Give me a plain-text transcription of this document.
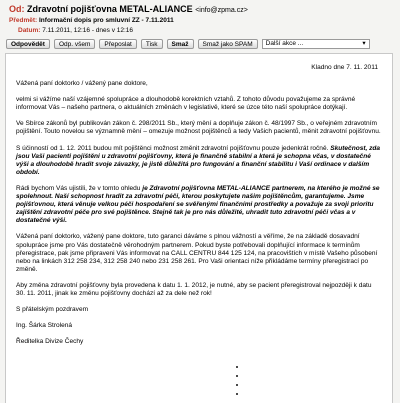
Od: Zdravotní pojišťovna METAL-ALIANCE <info@zpma.cz>
Předmět: Informační dopis pro smluvní ZZ - 7.11.2011
Datum: 7.11.2011, 12:16 - dnes v 12:16
Odpovědět	Odp. všem	Přeposlat	Tisk	Smaž	Smaž jako SPAM	Další akce ...	▾

Kladno dne 7. 11. 2011

Vážená paní doktorko / vážený pane doktore,

velmi si vážíme naší vzájemné spolupráce a dlouhodobě korektních vztahů. Z tohoto důvodu považujeme za správné informovat Vás – našeho partnera, o aktuálních změnách v legislativě, které se úzce této naší spolupráce dotýkají.

Ve Sbírce zákonů byl publikován zákon č. 298/2011 Sb., který mění a doplňuje zákon č. 48/1997 Sb., o veřejném zdravotním pojištění. Touto novelou se významně mění – omezuje možnost pojištěnců a tedy Vašich pacientů, měnit zdravotní pojišťovnu.

S účinností od 1. 12. 2011 budou mít pojištěnci možnost změnit zdravotní pojišťovnu pouze jedenkrát ročně. Skutečnost, zda jsou Vaši pacienti pojištěni u zdravotní pojišťovny, která je finančně stabilní a která je schopna včas, v dostatečné výši a dlouhodobě hradit svoje závazky, je jistě důležitá pro fungování a finanční stabilitu i Vaší ordinace v dalším období.

Rádi bychom Vás ujistili, že v tomto ohledu je Zdravotní pojišťovna METAL-ALIANCE partnerem, na kterého je možné se spolehnout. Naší schopnost hradit za zdravotní péči, kterou poskytujete našim pojištěncům, garantujeme. Jsme pojišťovnou, která věnuje velkou péči hospodaření se svěřenými finančními prostředky a považuje za svoji prioritu zajištění zdravotní péče pro své pojištěnce. Stejně tak je pro nás důležité, uhradit tuto zdravotní péči včas a v dostatečné výši.

Vážená paní doktorko, vážený pane doktore, tuto garanci dáváme s plnou vážností a věříme, že na základě dosavadní spolupráce jsme pro Vás dostatečně věrohodným partnerem. Pokud byste potřebovali doplňující informace k termínům přeregistrace, pak jsme připraveni Vás informovat na CALL CENTRU 844 125 124, na pracovištích v místě Vašeho působení nebo na linkách 312 258 234, 312 258 240 nebo 231 258 261. Pro Vaši orientaci níže přikládáme termíny přeregistrací po změně.

Aby změna zdravotní pojišťovny byla provedena k datu 1. 1. 2012, je nutné, aby se pacient přeregistroval nejpozději k datu 30. 11. 2011, jinak ke změnu pojišťovny dochází až za dele než rok!

S přátelským pozdravem

Ing. Šárka Strolená

Ředitelka Divize Čechy
